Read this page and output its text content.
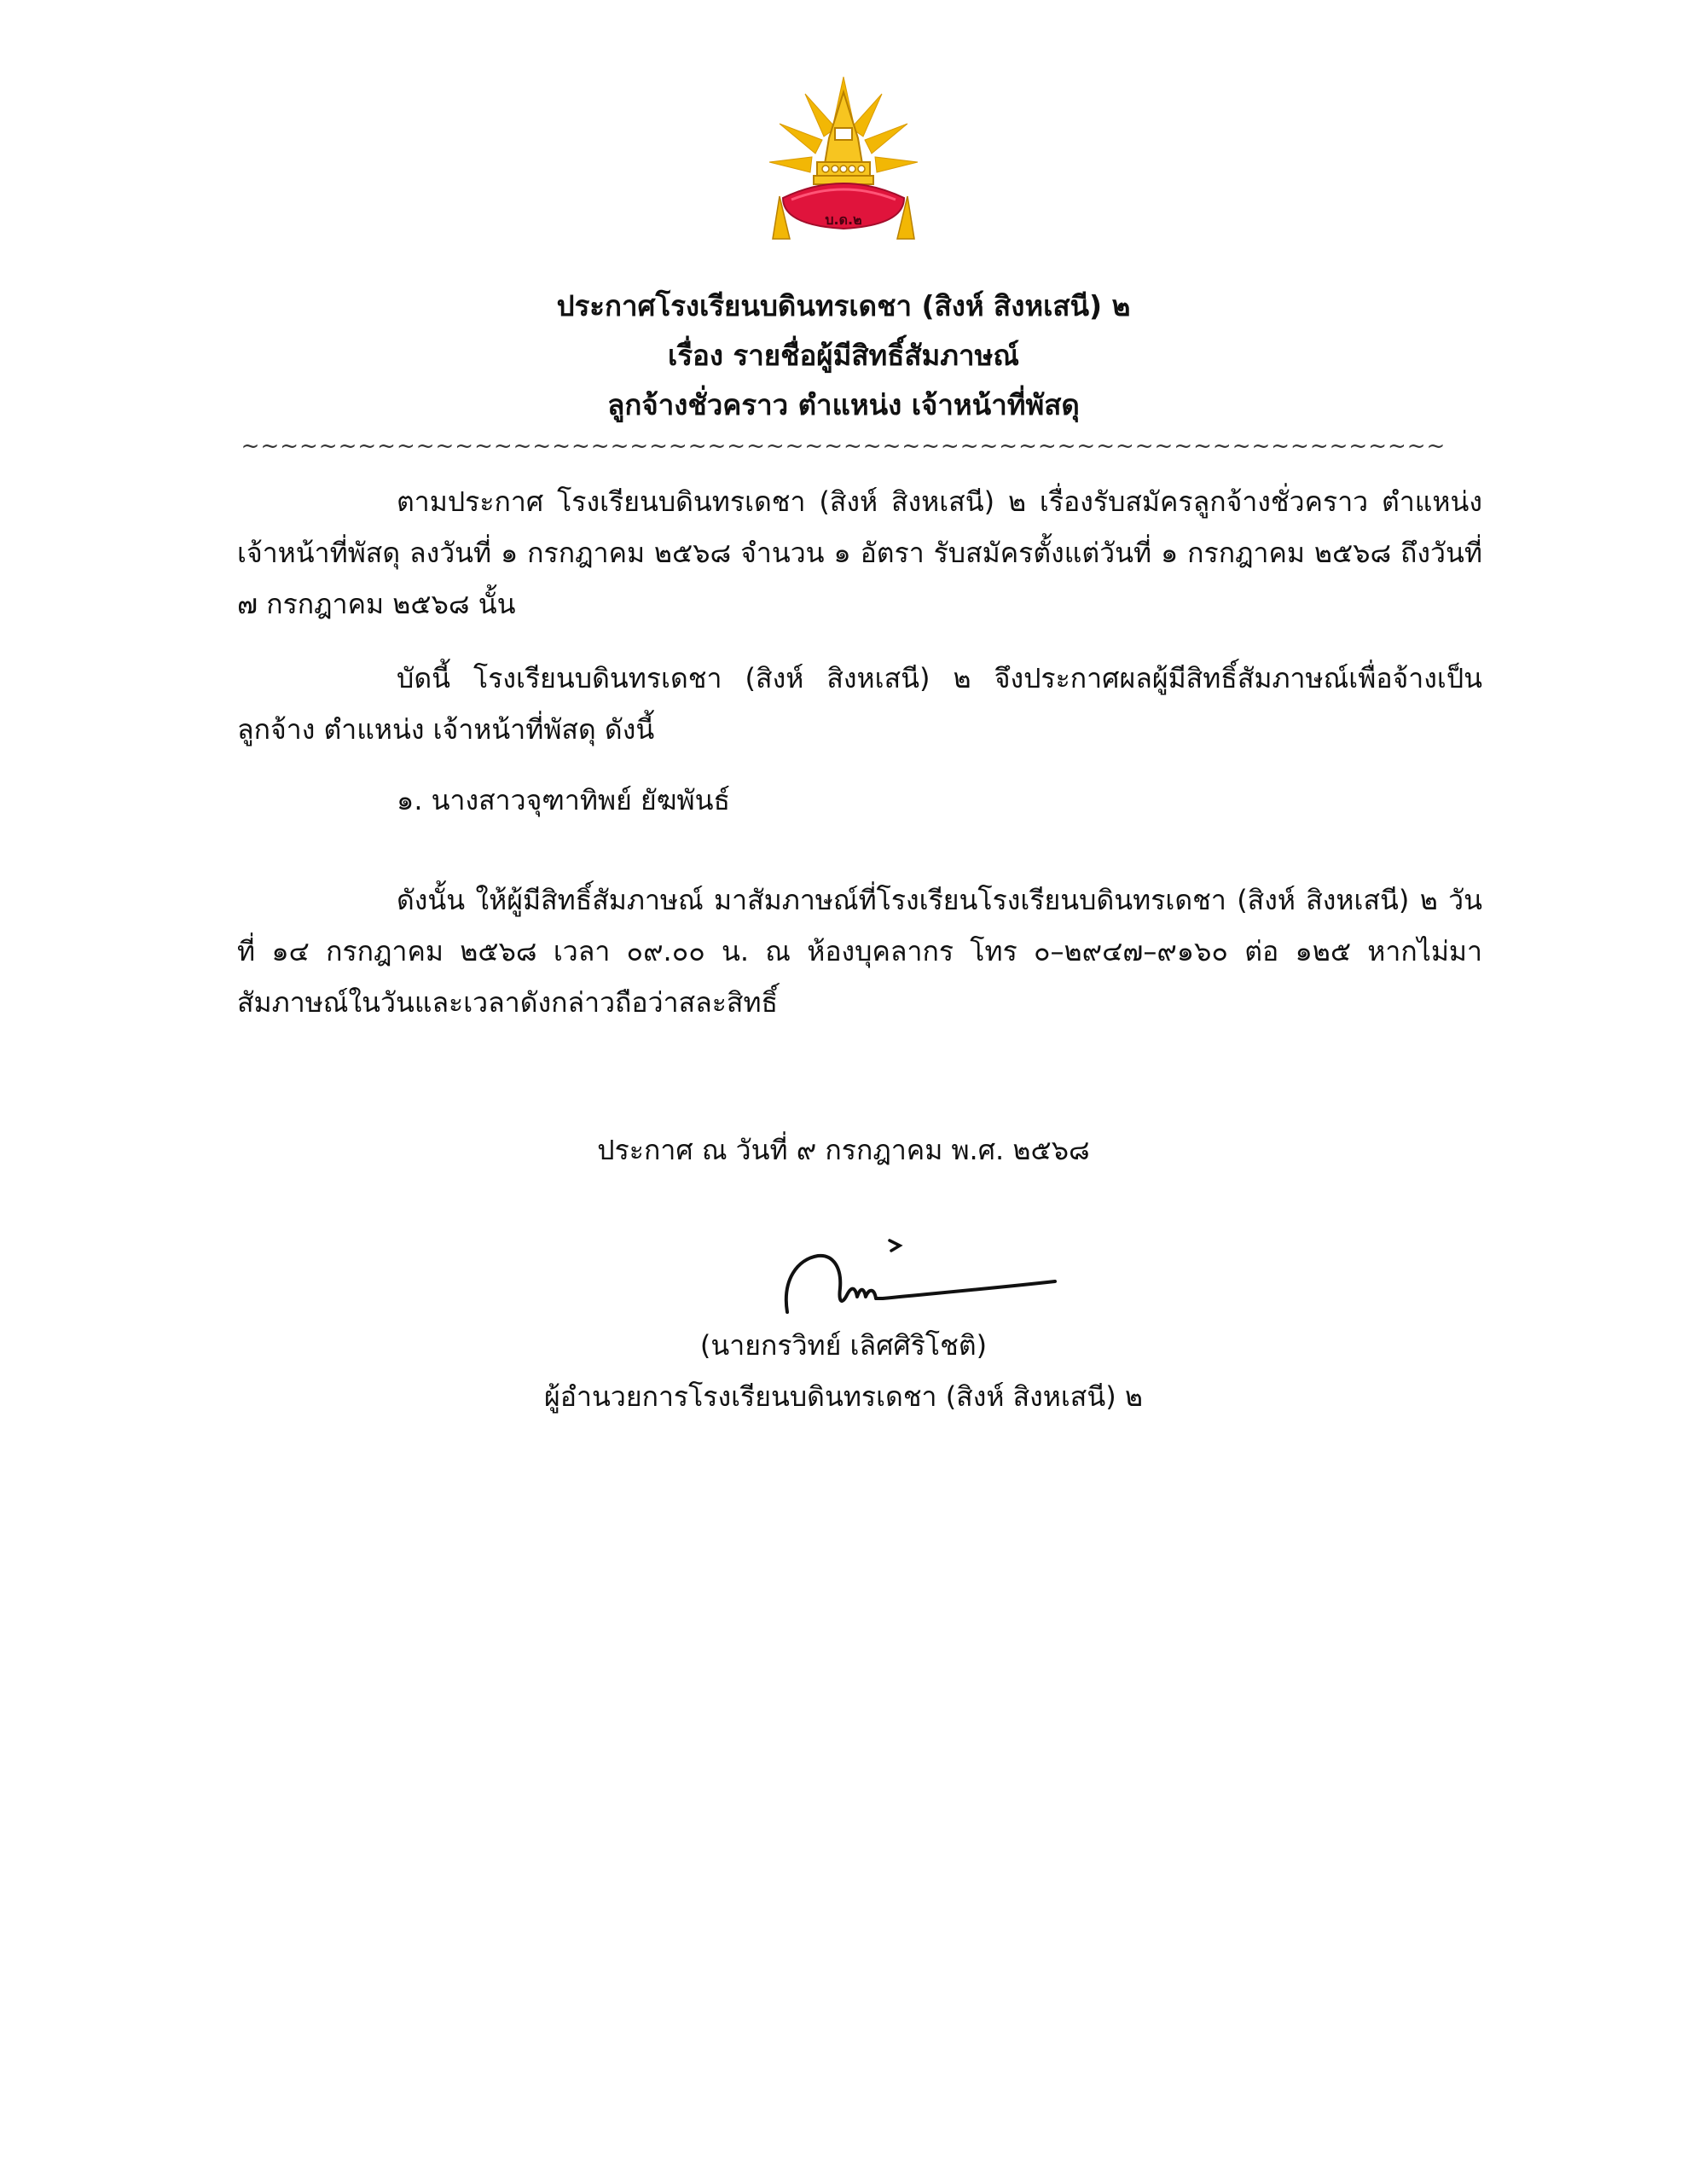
บ.ด.๒
ประกาศโรงเรียนบดินทรเดชา (สิงห์ สิงหเสนี) ๒
เรื่อง รายชื่อผู้มีสิทธิ์สัมภาษณ์
ลูกจ้างชั่วคราว ตำแหน่ง เจ้าหน้าที่พัสดุ
~~~~~~~~~~~~~~~~~~~~~~~~~~~~~~~~~~~~~~~~~~~~~~~~~~~~~~~~~~~~~~
ตามประกาศ โรงเรียนบดินทรเดชา (สิงห์ สิงหเสนี) ๒ เรื่องรับสมัครลูกจ้างชั่วคราว ตำแหน่ง เจ้าหน้าที่พัสดุ ลงวันที่ ๑ กรกฎาคม ๒๕๖๘ จำนวน ๑ อัตรา รับสมัครตั้งแต่วันที่ ๑ กรกฎาคม ๒๕๖๘ ถึงวันที่ ๗ กรกฎาคม ๒๕๖๘ นั้น
บัดนี้ โรงเรียนบดินทรเดชา (สิงห์ สิงหเสนี) ๒ จึงประกาศผลผู้มีสิทธิ์สัมภาษณ์เพื่อจ้างเป็นลูกจ้าง ตำแหน่ง เจ้าหน้าที่พัสดุ ดังนี้
๑. นางสาวจุฑาทิพย์ ยัฆพันธ์
ดังนั้น ให้ผู้มีสิทธิ์สัมภาษณ์ มาสัมภาษณ์ที่โรงเรียนโรงเรียนบดินทรเดชา (สิงห์ สิงหเสนี) ๒ วันที่ ๑๔ กรกฎาคม ๒๕๖๘ เวลา ๐๙.๐๐ น. ณ ห้องบุคลากร โทร ๐–๒๙๔๗–๙๑๖๐ ต่อ ๑๒๕ หากไม่มาสัมภาษณ์ในวันและเวลาดังกล่าวถือว่าสละสิทธิ์
ประกาศ ณ วันที่ ๙ กรกฎาคม พ.ศ. ๒๕๖๘
(นายกรวิทย์ เลิศศิริโชติ)
ผู้อำนวยการโรงเรียนบดินทรเดชา (สิงห์ สิงหเสนี) ๒
